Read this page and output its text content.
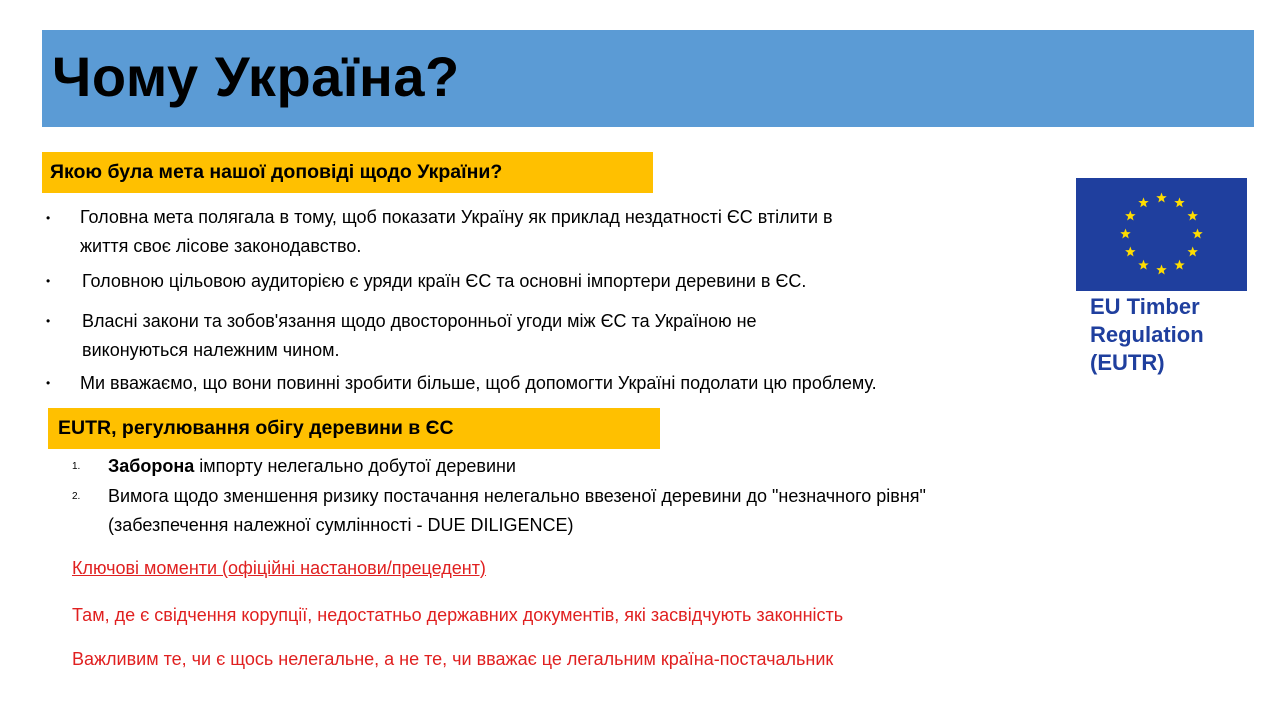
Чому Україна?
Якою була мета нашої доповіді щодо України?
• Головна мета полягала в тому, щоб показати Україну як приклад нездатності ЄС втілити в
життя своє лісове законодавство.
• Головною цільовою аудиторією є уряди країн ЄС та основні імпортери деревини в ЄС.
• Власні закони та зобов'язання щодо двосторонньої угоди між ЄС та Україною не
виконуються належним чином.
• Ми вважаємо, що вони повинні зробити більше, щоб допомогти Україні подолати цю проблему.
EUTR, регулювання обігу деревини в ЄС
1. Заборона імпорту нелегально добутої деревини
2. Вимога щодо зменшення ризику постачання нелегально ввезеної деревини до "незначного рівня"
(забезпечення належної сумлінності - DUE DILIGENCE)
Ключові моменти (офіційні настанови/прецедент)
Там, де є свідчення корупції, недостатньо державних документів, які засвідчують законність
Важливим те, чи є щось нелегальне, а не те, чи вважає це легальним країна-постачальник
EU Timber
Regulation
(EUTR)
